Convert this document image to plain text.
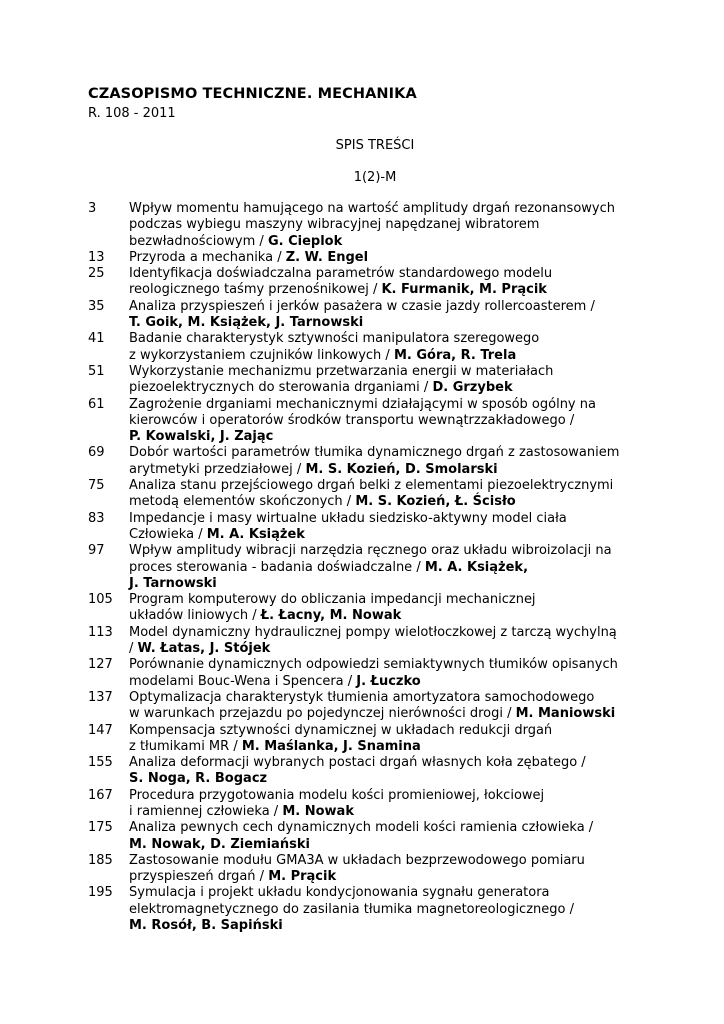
CZASOPISMO TECHNICZNE. MECHANIKA
R. 108 - 2011
SPIS TREŚCI
1(2)-M
3	Wpływ momentu hamującego na wartość amplitudy drgań rezonansowych
podczas wybiegu maszyny wibracyjnej napędzanej wibratorem
bezwładnościowym / G. Cieplok
13	Przyroda a mechanika / Z. W. Engel
25	Identyfikacja doświadczalna parametrów standardowego modelu
reologicznego taśmy przenośnikowej / K. Furmanik, M. Prącik
35	Analiza przyspieszeń i jerków pasażera w czasie jazdy rollercoasterem /
T. Goik, M. Książek, J. Tarnowski
41	Badanie charakterystyk sztywności manipulatora szeregowego
z wykorzystaniem czujników linkowych / M. Góra, R. Trela
51	Wykorzystanie mechanizmu przetwarzania energii w materiałach
piezoelektrycznych do sterowania drganiami / D. Grzybek
61	Zagrożenie drganiami mechanicznymi działającymi w sposób ogólny na
kierowców i operatorów środków transportu wewnątrzzakładowego /
P. Kowalski, J. Zając
69	Dobór wartości parametrów tłumika dynamicznego drgań z zastosowaniem
arytmetyki przedziałowej / M. S. Kozień, D. Smolarski
75	Analiza stanu przejściowego drgań belki z elementami piezoelektrycznymi
metodą elementów skończonych / M. S. Kozień, Ł. Ścisło
83	Impedancje i masy wirtualne układu siedzisko-aktywny model ciała
Człowieka / M. A. Książek
97	Wpływ amplitudy wibracji narzędzia ręcznego oraz układu wibroizolacji na
proces sterowania - badania doświadczalne / M. A. Książek,
J. Tarnowski
105	Program komputerowy do obliczania impedancji mechanicznej
układów liniowych / Ł. Łacny, M. Nowak
113	Model dynamiczny hydraulicznej pompy wielotłoczkowej z tarczą wychylną
/ W. Łatas, J. Stójek
127	Porównanie dynamicznych odpowiedzi semiaktywnych tłumików opisanych
modelami Bouc-Wena i Spencera / J. Łuczko
137	Optymalizacja charakterystyk tłumienia amortyzatora samochodowego
w warunkach przejazdu po pojedynczej nierówności drogi / M. Maniowski
147	Kompensacja sztywności dynamicznej w układach redukcji drgań
z tłumikami MR / M. Maślanka, J. Snamina
155	Analiza deformacji wybranych postaci drgań własnych koła zębatego /
S. Noga, R. Bogacz
167	Procedura przygotowania modelu kości promieniowej, łokciowej
i ramiennej człowieka / M. Nowak
175	Analiza pewnych cech dynamicznych modeli kości ramienia człowieka /
M. Nowak, D. Ziemiański
185	Zastosowanie modułu GMA3A w układach bezprzewodowego pomiaru
przyspieszeń drgań / M. Prącik
195	Symulacja i projekt układu kondycjonowania sygnału generatora
elektromagnetycznego do zasilania tłumika magnetoreologicznego /
M. Rosół, B. Sapiński
